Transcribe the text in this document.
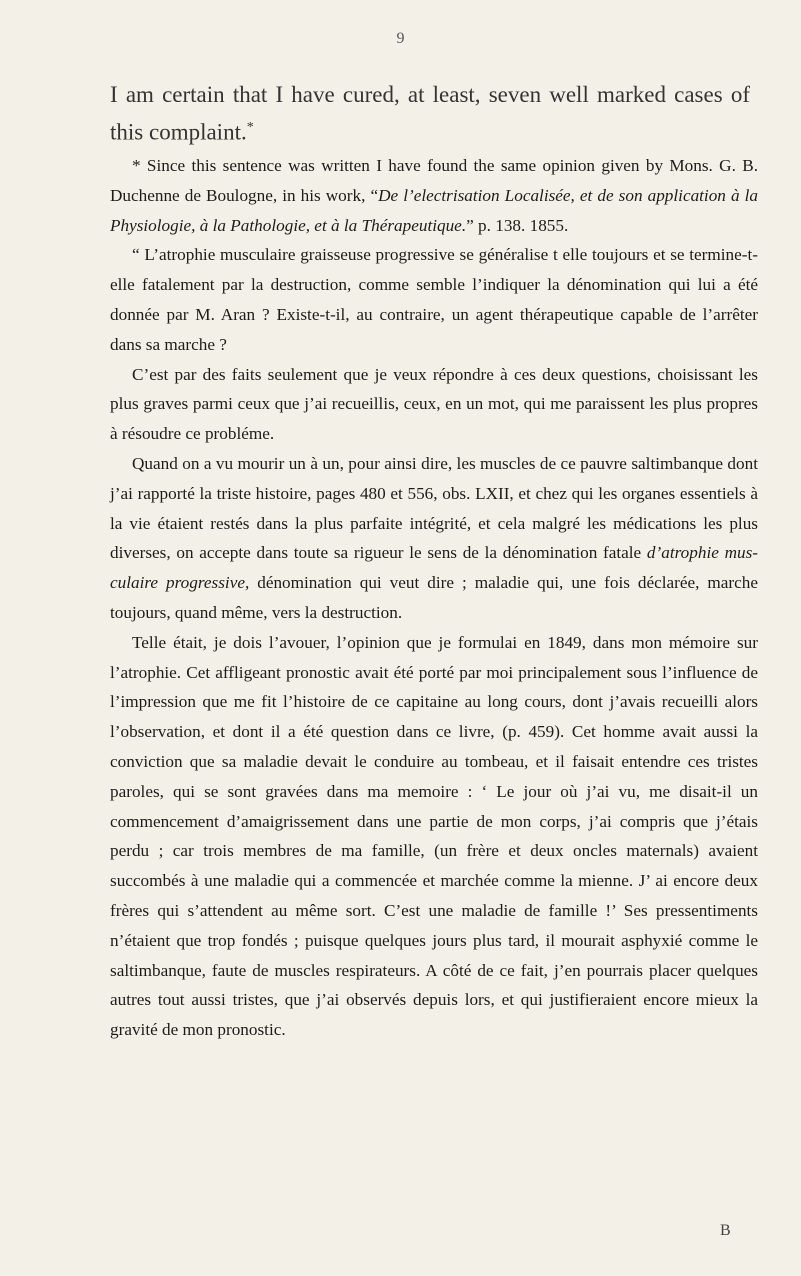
9
I am certain that I have cured, at least, seven well marked cases of this complaint.*

* Since this sentence was written I have found the same opinion given by Mons. G. B. Duchenne de Boulogne, in his work, “De l’electrisation Localisée, et de son application à la Physiologie, à la Pathologie, et à la Thérapeutique.” p. 138. 1855.

“ L’atrophie musculaire graisseuse progressive se généralise t elle toujours et se termine-t-elle fatalement par la destruction, comme semble l’indiquer la dénomination qui lui a été donnée par M. Aran ? Existe-t-il, au contraire, un agent thérapeutique capable de l’arrêter dans sa marche ?

C’est par des faits seulement que je veux répondre à ces deux questions, choisissant les plus graves parmi ceux que j’ai recueillis, ceux, en un mot, qui me paraissent les plus propres à résoudre ce probléme.

Quand on a vu mourir un à un, pour ainsi dire, les muscles de ce pauvre saltimbanque dont j’ai rapporté la triste histoire, pages 480 et 556, obs. LXII, et chez qui les organes essentiels à la vie étaient restés dans la plus parfaite intégrité, et cela malgré les médications les plus diverses, on accepte dans toute sa rigueur le sens de la dénomination fatale d’atrophie mus-culaire progressive, dénomination qui veut dire ; maladie qui, une fois déclarée, marche toujours, quand même, vers la destruction.

Telle était, je dois l’avouer, l’opinion que je formulai en 1849, dans mon mémoire sur l’atrophie. Cet affligeant pronostic avait été porté par moi principalement sous l’influence de l’impression que me fit l’histoire de ce capitaine au long cours, dont j’avais recueilli alors l’observation, et dont il a été question dans ce livre, (p. 459). Cet homme avait aussi la conviction que sa maladie devait le conduire au tombeau, et il faisait entendre ces tristes paroles, qui se sont gravées dans ma memoire : ‘ Le jour où j’ai vu, me disait-il un commencement d’amaigrissement dans une partie de mon corps, j’ai compris que j’étais perdu ; car trois membres de ma famille, (un frère et deux oncles maternals) avaient succombés à une maladie qui a commencée et marchée comme la mienne. J’ ai encore deux frères qui s’attendent au même sort. C’est une maladie de famille !’ Ses pressentiments n’étaient que trop fondés ; puisque quelques jours plus tard, il mourait asphyxié comme le saltimbanque, faute de muscles respirateurs. A côté de ce fait, j’en pourrais placer quelques autres tout aussi tristes, que j’ai observés depuis lors, et qui justifieraient encore mieux la gravité de mon pronostic.

B
